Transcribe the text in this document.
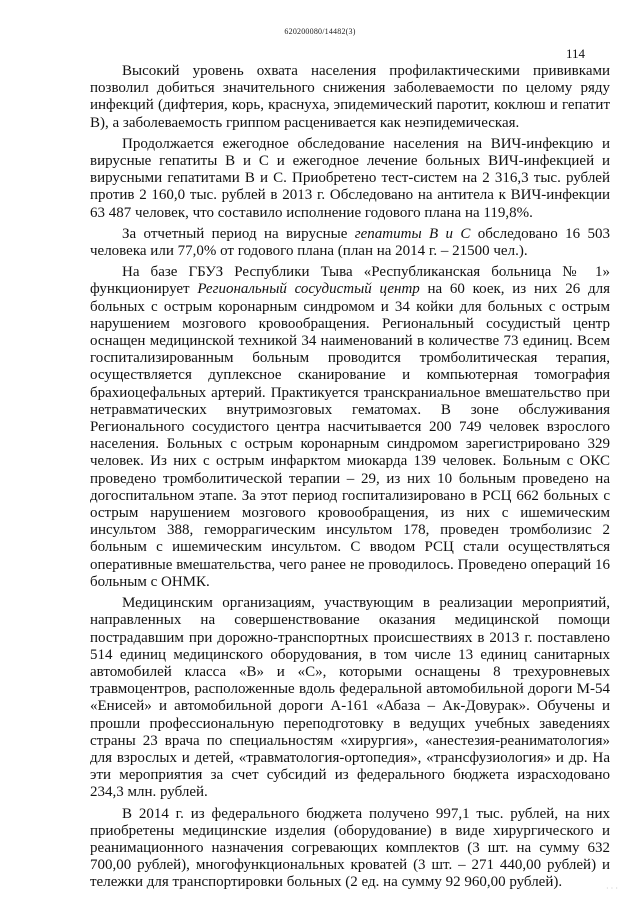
620200080/14482(3)
114

Высокий уровень охвата населения профилактическими прививками позволил добиться значительного снижения заболеваемости по целому ряду инфекций (дифтерия, корь, краснуха, эпидемический паротит, коклюш и гепатит В), а заболеваемость гриппом расценивается как неэпидемическая.

Продолжается ежегодное обследование населения на ВИЧ-инфекцию и вирусные гепатиты В и С и ежегодное лечение больных ВИЧ-инфекцией и вирусными гепатитами В и С. Приобретено тест-систем на 2 316,3 тыс. рублей против 2 160,0 тыс. рублей в 2013 г. Обследовано на антитела к ВИЧ-инфекции 63 487 человек, что составило исполнение годового плана на 119,8%.

За отчетный период на вирусные гепатиты В и С обследовано 16 503 человека или 77,0% от годового плана (план на 2014 г. – 21500 чел.).

На базе ГБУЗ Республики Тыва «Республиканская больница № 1» функционирует Региональный сосудистый центр на 60 коек, из них 26 для больных с острым коронарным синдромом и 34 койки для больных с острым нарушением мозгового кровообращения. Региональный сосудистый центр оснащен медицинской техникой 34 наименований в количестве 73 единиц. Всем госпитализированным больным проводится тромболитическая терапия, осуществляется дуплексное сканирование и компьютерная томография брахиоцефальных артерий. Практикуется транскраниальное вмешательство при нетравматических внутримозговых гематомах. В зоне обслуживания Регионального сосудистого центра насчитывается 200 749 человек взрослого населения. Больных с острым коронарным синдромом зарегистрировано 329 человек. Из них с острым инфарктом миокарда 139 человек. Больным с ОКС проведено тромболитической терапии – 29, из них 10 больным проведено на догоспитальном этапе. За этот период госпитализировано в РСЦ 662 больных с острым нарушением мозгового кровообращения, из них с ишемическим инсультом 388, геморрагическим инсультом 178, проведен тромболизис 2 больным с ишемическим инсультом. С вводом РСЦ стали осуществляться оперативные вмешательства, чего ранее не проводилось. Проведено операций 16 больным с ОНМК.

Медицинским организациям, участвующим в реализации мероприятий, направленных на совершенствование оказания медицинской помощи пострадавшим при дорожно-транспортных происшествиях в 2013 г. поставлено 514 единиц медицинского оборудования, в том числе 13 единиц санитарных автомобилей класса «В» и «С», которыми оснащены 8 трехуровневых травмоцентров, расположенные вдоль федеральной автомобильной дороги М-54 «Енисей» и автомобильной дороги А-161 «Абаза – Ак-Довурак». Обучены и прошли профессиональную переподготовку в ведущих учебных заведениях страны 23 врача по специальностям «хирургия», «анестезия-реаниматология» для взрослых и детей, «травматология-ортопедия», «трансфузиология» и др. На эти мероприятия за счет субсидий из федерального бюджета израсходовано 234,3 млн. рублей.

В 2014 г. из федерального бюджета получено 997,1 тыс. рублей, на них приобретены медицинские изделия (оборудование) в виде хирургического и реанимационного назначения согревающих комплектов (3 шт. на сумму 632 700,00 рублей), многофункциональных кроватей (3 шт. – 271 440,00 рублей) и тележки для транспортировки больных (2 ед. на сумму 92 960,00 рублей).	· · ·
